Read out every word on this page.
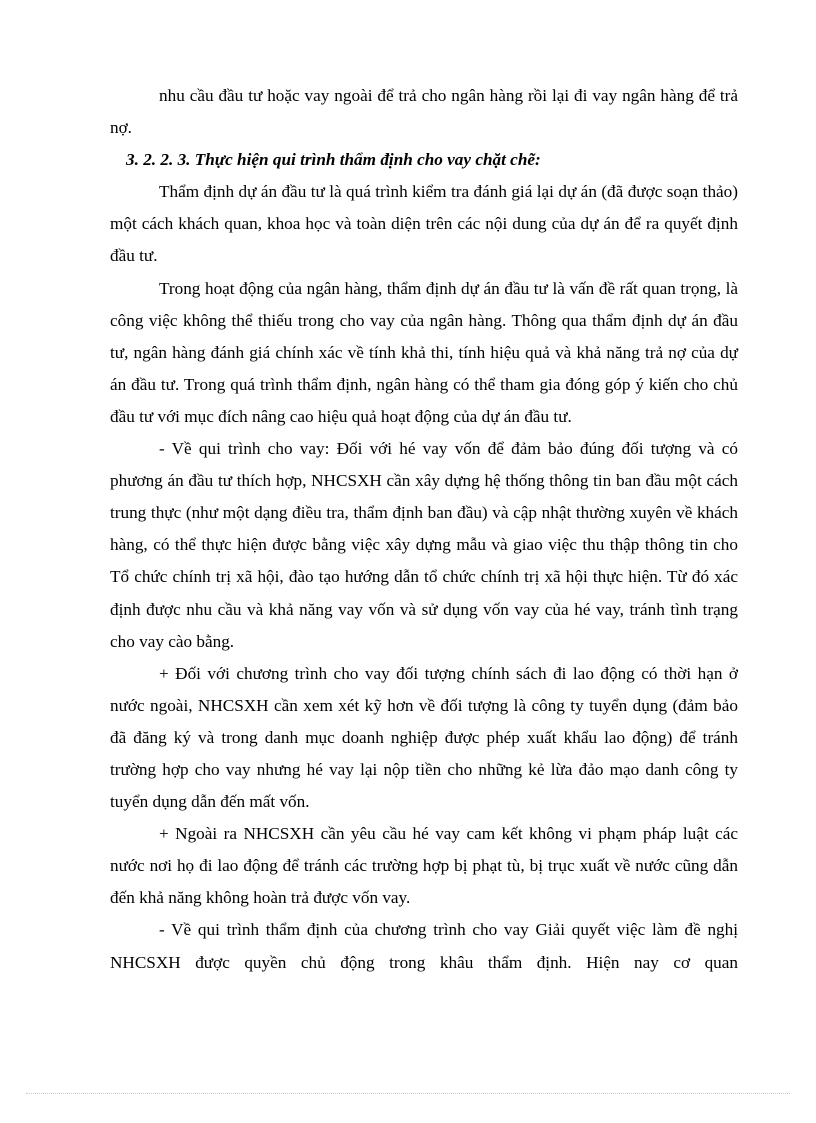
nhu cầu đầu tư hoặc vay ngoài để trả cho ngân hàng rồi lại đi vay ngân hàng để trả nợ.

3. 2. 2. 3. Thực hiện qui trình thẩm định cho vay chặt chẽ:

Thẩm định dự án đầu tư là quá trình kiểm tra đánh giá lại dự án (đã được soạn thảo) một cách khách quan, khoa học và toàn diện trên các nội dung của dự án để ra quyết định đầu tư.

Trong hoạt động của ngân hàng, thẩm định dự án đầu tư là vấn đề rất quan trọng, là công việc không thể thiếu trong cho vay của ngân hàng. Thông qua thẩm định dự án đầu tư, ngân hàng đánh giá chính xác về tính khả thi, tính hiệu quả và khả năng trả nợ của dự án đầu tư. Trong quá trình thẩm định, ngân hàng có thể tham gia đóng góp ý kiến cho chủ đầu tư với mục đích nâng cao hiệu quả hoạt động của dự án đầu tư.

- Về qui trình cho vay: Đối với hé vay vốn để đảm bảo đúng đối tượng và có phương án đầu tư thích hợp, NHCSXH cần xây dựng hệ thống thông tin ban đầu một cách trung thực (như một dạng điều tra, thẩm định ban đầu) và cập nhật thường xuyên về khách hàng, có thể thực hiện được bằng việc xây dựng mẫu và giao việc thu thập thông tin cho Tổ chức chính trị xã hội, đào tạo hướng dẫn tổ chức chính trị xã hội thực hiện. Từ đó xác định được nhu cầu và khả năng vay vốn và sử dụng vốn vay của hé vay, tránh tình trạng cho vay cào bằng.

+ Đối với chương trình cho vay đối tượng chính sách đi lao động có thời hạn ở nước ngoài, NHCSXH cần xem xét kỹ hơn về đối tượng là công ty tuyển dụng (đảm bảo đã đăng ký và trong danh mục doanh nghiệp được phép xuất khẩu lao động) để tránh trường hợp cho vay nhưng hé vay lại nộp tiền cho những kẻ lừa đảo mạo danh công ty tuyển dụng dẫn đến mất vốn.

+ Ngoài ra NHCSXH cần yêu cầu hé vay cam kết không vi phạm pháp luật các nước nơi họ đi lao động để tránh các trường hợp bị phạt tù, bị trục xuất về nước cũng dẫn đến khả năng không hoàn trả được vốn vay.

- Về qui trình thẩm định của chương trình cho vay Giải quyết việc làm đề nghị NHCSXH được quyền chủ động trong khâu thẩm định. Hiện nay cơ quan
